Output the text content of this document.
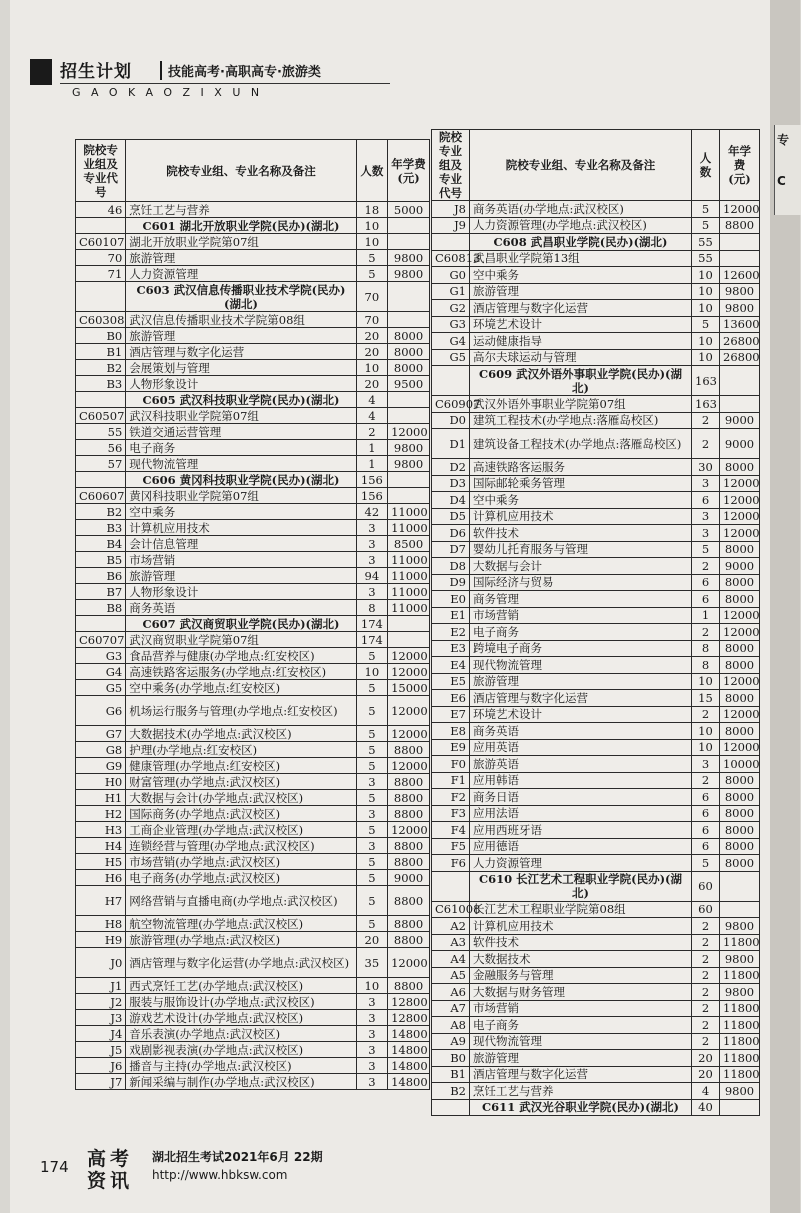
招生计划	技能高考·高职高专·旅游类
GAOKAOZIXUN
院校专业组及专业代号	院校专业组、专业名称及备注	人数	年学费(元)
46	烹饪工艺与营养	18	5000
	C601 湖北开放职业学院(民办)(湖北)	10	
C60107	湖北开放职业学院第07组	10	
70	旅游管理	5	9800
71	人力资源管理	5	9800
	C603 武汉信息传播职业技术学院(民办)(湖北)	70	
C60308	武汉信息传播职业技术学院第08组	70	
B0	旅游管理	20	8000
B1	酒店管理与数字化运营	20	8000
B2	会展策划与管理	10	8000
B3	人物形象设计	20	9500
	C605 武汉科技职业学院(民办)(湖北)	4	
C60507	武汉科技职业学院第07组	4	
55	铁道交通运营管理	2	12000
56	电子商务	1	9800
57	现代物流管理	1	9800
	C606 黄冈科技职业学院(民办)(湖北)	156	
C60607	黄冈科技职业学院第07组	156	
B2	空中乘务	42	11000
B3	计算机应用技术	3	11000
B4	会计信息管理	3	8500
B5	市场营销	3	11000
B6	旅游管理	94	11000
B7	人物形象设计	3	11000
B8	商务英语	8	11000
	C607 武汉商贸职业学院(民办)(湖北)	174	
C60707	武汉商贸职业学院第07组	174	
G3	食品营养与健康(办学地点:红安校区)	5	12000
G4	高速铁路客运服务(办学地点:红安校区)	10	12000
G5	空中乘务(办学地点:红安校区)	5	15000
G6	机场运行服务与管理(办学地点:红安校区)	5	12000
G7	大数据技术(办学地点:武汉校区)	5	12000
G8	护理(办学地点:红安校区)	5	8800
G9	健康管理(办学地点:红安校区)	5	12000
H0	财富管理(办学地点:武汉校区)	3	8800
H1	大数据与会计(办学地点:武汉校区)	5	8800
H2	国际商务(办学地点:武汉校区)	3	8800
H3	工商企业管理(办学地点:武汉校区)	5	12000
H4	连锁经营与管理(办学地点:武汉校区)	3	8800
H5	市场营销(办学地点:武汉校区)	5	8800
H6	电子商务(办学地点:武汉校区)	5	9000
H7	网络营销与直播电商(办学地点:武汉校区)	5	8800
H8	航空物流管理(办学地点:武汉校区)	5	8800
H9	旅游管理(办学地点:武汉校区)	20	8800
J0	酒店管理与数字化运营(办学地点:武汉校区)	35	12000
J1	西式烹饪工艺(办学地点:武汉校区)	10	8800
J2	服装与服饰设计(办学地点:武汉校区)	3	12800
J3	游戏艺术设计(办学地点:武汉校区)	3	12800
J4	音乐表演(办学地点:武汉校区)	3	14800
J5	戏剧影视表演(办学地点:武汉校区)	3	14800
J6	播音与主持(办学地点:武汉校区)	3	14800
J7	新闻采编与制作(办学地点:武汉校区)	3	14800
院校专业组及专业代号	院校专业组、专业名称及备注	人数	年学费(元)
J8	商务英语(办学地点:武汉校区)	5	12000
J9	人力资源管理(办学地点:武汉校区)	5	8800
	C608 武昌职业学院(民办)(湖北)	55	
C60813	武昌职业学院第13组	55	
G0	空中乘务	10	12600
G1	旅游管理	10	9800
G2	酒店管理与数字化运营	10	9800
G3	环境艺术设计	5	13600
G4	运动健康指导	10	26800
G5	高尔夫球运动与管理	10	26800
	C609 武汉外语外事职业学院(民办)(湖北)	163	
C60907	武汉外语外事职业学院第07组	163	
D0	建筑工程技术(办学地点:落雁岛校区)	2	9000
D1	建筑设备工程技术(办学地点:落雁岛校区)	2	9000
D2	高速铁路客运服务	30	8000
D3	国际邮轮乘务管理	3	12000
D4	空中乘务	6	12000
D5	计算机应用技术	3	12000
D6	软件技术	3	12000
D7	婴幼儿托育服务与管理	5	8000
D8	大数据与会计	2	9000
D9	国际经济与贸易	6	8000
E0	商务管理	6	8000
E1	市场营销	1	12000
E2	电子商务	2	12000
E3	跨境电子商务	8	8000
E4	现代物流管理	8	8000
E5	旅游管理	10	12000
E6	酒店管理与数字化运营	15	8000
E7	环境艺术设计	2	12000
E8	商务英语	10	8000
E9	应用英语	10	12000
F0	旅游英语	3	10000
F1	应用韩语	2	8000
F2	商务日语	6	8000
F3	应用法语	6	8000
F4	应用西班牙语	6	8000
F5	应用德语	6	8000
F6	人力资源管理	5	8000
	C610 长江艺术工程职业学院(民办)(湖北)	60	
C61008	长江艺术工程职业学院第08组	60	
A2	计算机应用技术	2	9800
A3	软件技术	2	11800
A4	大数据技术	2	9800
A5	金融服务与管理	2	11800
A6	大数据与财务管理	2	9800
A7	市场营销	2	11800
A8	电子商务	2	11800
A9	现代物流管理	2	11800
B0	旅游管理	20	11800
B1	酒店管理与数字化运营	20	11800
B2	烹饪工艺与营养	4	9800
	C611 武汉光谷职业学院(民办)(湖北)	40	
174 高考
资讯
湖北招生考试2021年6月 22期
http://www.hbksw.com
专
C
